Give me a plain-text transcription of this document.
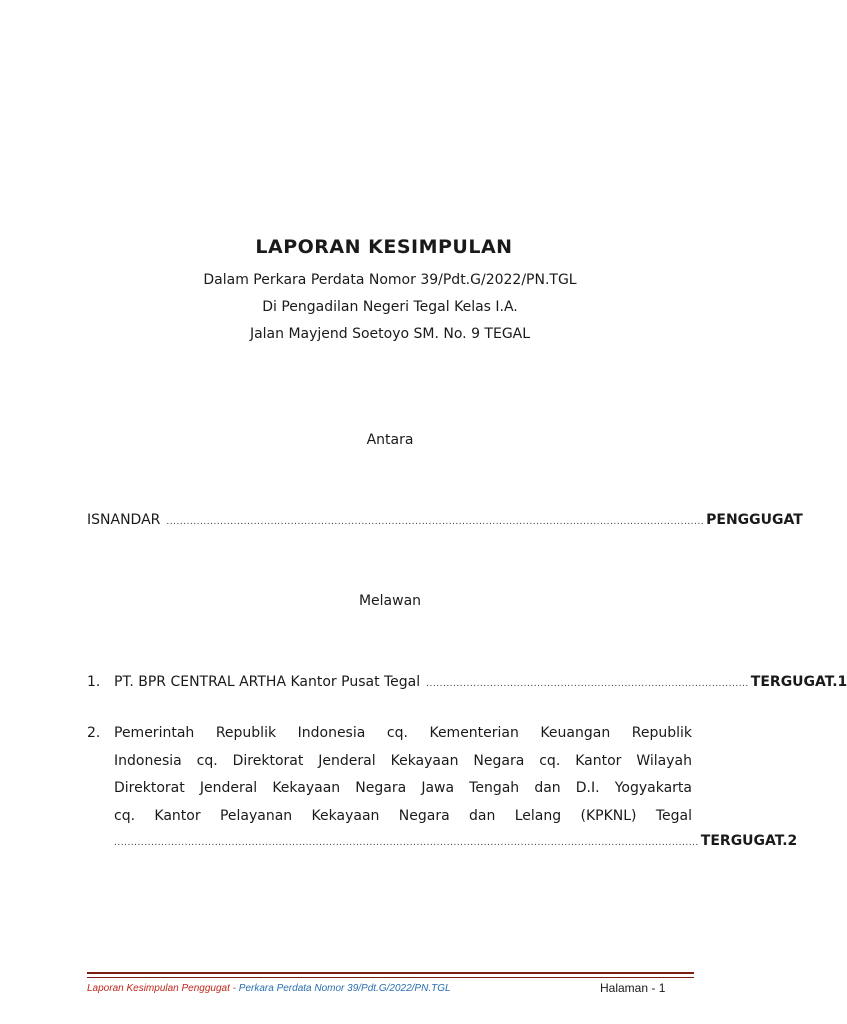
LAPORAN KESIMPULAN
Dalam Perkara Perdata Nomor 39/Pdt.G/2022/PN.TGL
Di Pengadilan Negeri Tegal Kelas I.A.
Jalan Mayjend Soetoyo SM. No. 9 TEGAL
Antara
ISNANDAR ................................................................................................................................................................ PENGGUGAT
Melawan
1. PT. BPR CENTRAL ARTHA Kantor Pusat Tegal ................................................................................................ TERGUGAT.1
2. Pemerintah Republik Indonesia cq. Kementerian Keuangan Republik
Indonesia cq. Direktorat Jenderal Kekayaan Negara cq. Kantor Wilayah
Direktorat Jenderal Kekayaan Negara Jawa Tengah dan D.I. Yogyakarta
cq. Kantor Pelayanan Kekayaan Negara dan Lelang (KPKNL) Tegal
.............................................................................................................................................................................. TERGUGAT.2
Laporan Kesimpulan Penggugat - Perkara Perdata Nomor 39/Pdt.G/2022/PN.TGL	Halaman - 1
